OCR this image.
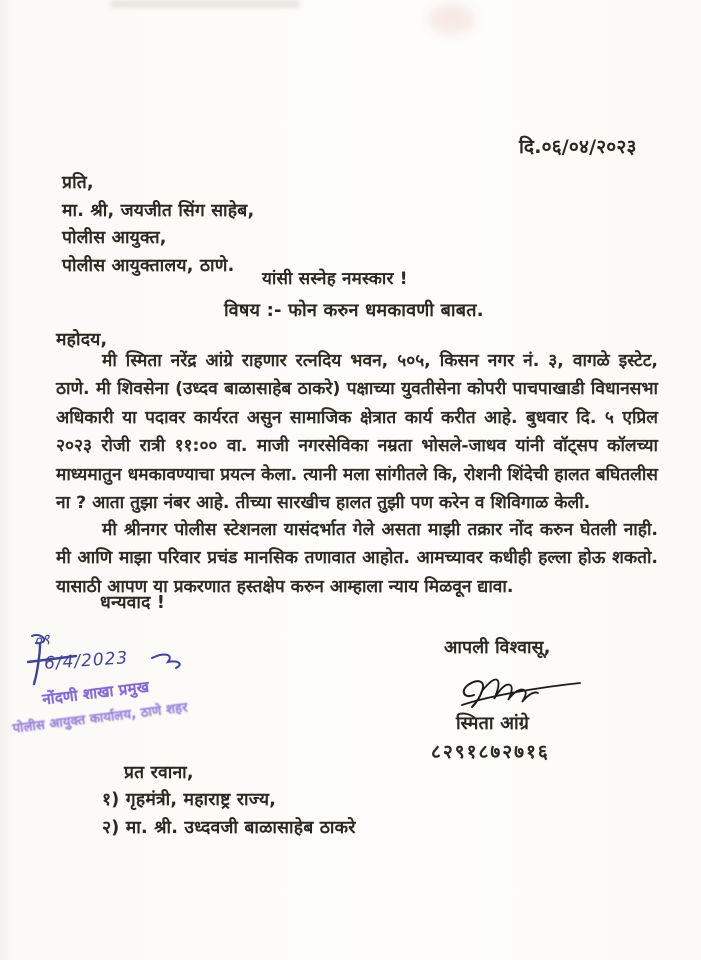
दि.०६/०४/२०२३
प्रति,
मा. श्री, जयजीत सिंग साहेब,
पोलीस आयुक्त,
पोलीस आयुक्तालय, ठाणे.
यांसी सस्नेह नमस्कार !
विषय :- फोन करुन धमकावणी बाबत.
महोदय,
मी स्मिता नरेंद्र आंग्रे राहणार रत्नदिय भवन, ५०५, किसन नगर नं. ३, वागळे इस्टेट, ठाणे. मी शिवसेना (उध्दव बाळासाहेब ठाकरे) पक्षाच्या युवतीसेना कोपरी पाचपाखाडी विधानसभा अधिकारी या पदावर कार्यरत असुन सामाजिक क्षेत्रात कार्य करीत आहे. बुधवार दि. ५ एप्रिल २०२३ रोजी रात्री ११:०० वा. माजी नगरसेविका नम्रता भोसले-जाधव यांनी वॉट्सप कॉलच्या माध्यमातुन धमकावण्याचा प्रयत्न केला. त्यानी मला सांगीतले कि, रोशनी शिंदेची हालत बघितलीस ना ? आता तुझा नंबर आहे. तीच्या सारखीच हालत तुझी पण करेन व शिविगाळ केली.
मी श्रीनगर पोलीस स्टेशनला यासंदर्भात गेले असता माझी तक्रार नोंद करुन घेतली नाही. मी आणि माझा परिवार प्रचंड मानसिक तणावात आहोत. आमच्यावर कधीही हल्ला होऊ शकतो. यासाठी आपण या प्रकरणात हस्तक्षेप करुन आम्हाला न्याय मिळवून द्यावा.
धन्यवाद !
०९
6/4/2023
नोंदणी शाखा प्रमुख
पोलीस आयुक्त कार्यालय, ठाणे शहर
आपली विश्वासू,
स्मिता आंग्रे
८२९१८७२७१६
प्रत रवाना,
१) गृहमंत्री, महाराष्ट्र राज्य,
२) मा. श्री. उध्दवजी बाळासाहेब ठाकरे
